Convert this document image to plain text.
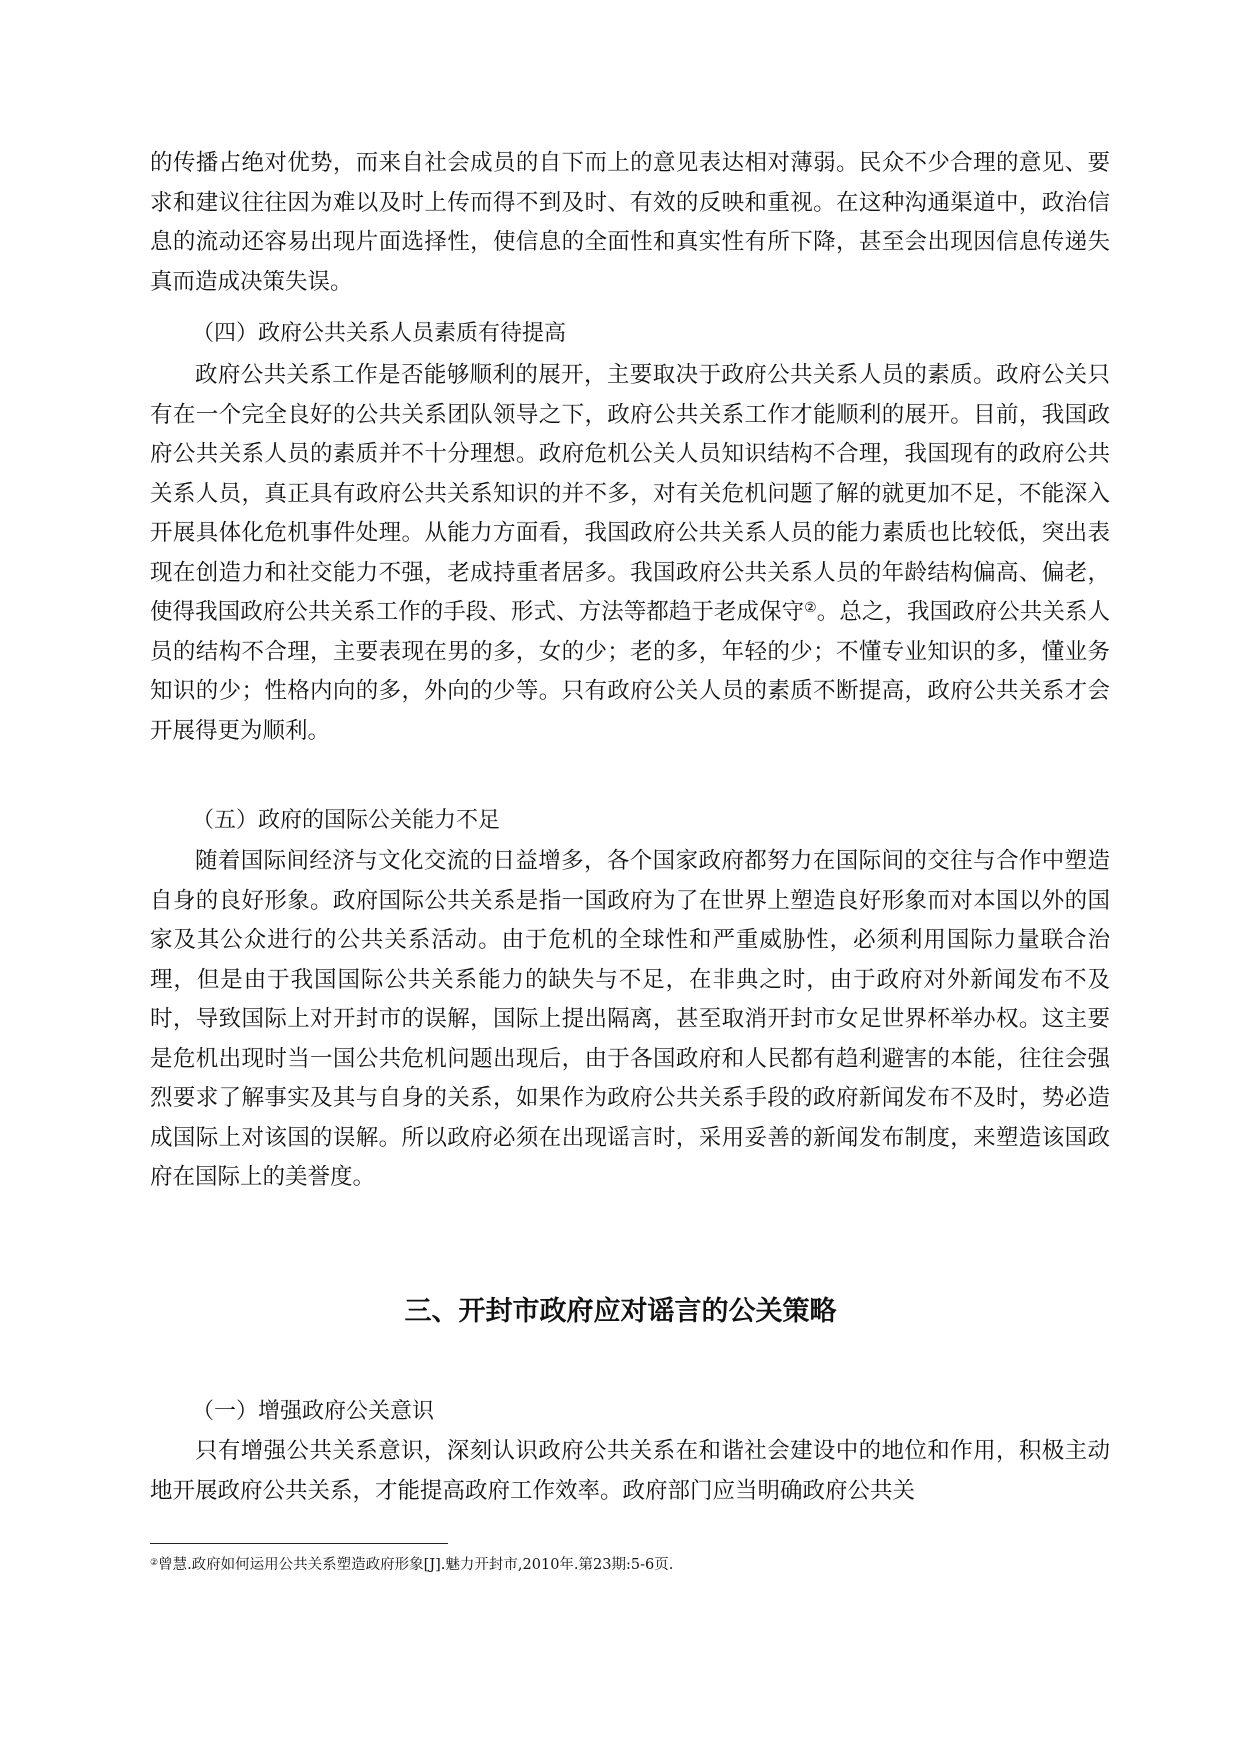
的传播占绝对优势，而来自社会成员的自下而上的意见表达相对薄弱。民众不少合理的意见、要求和建议往往因为难以及时上传而得不到及时、有效的反映和重视。在这种沟通渠道中，政治信息的流动还容易出现片面选择性，使信息的全面性和真实性有所下降，甚至会出现因信息传递失真而造成决策失误。

（四）政府公共关系人员素质有待提高

政府公共关系工作是否能够顺利的展开，主要取决于政府公共关系人员的素质。政府公关只有在一个完全良好的公共关系团队领导之下，政府公共关系工作才能顺利的展开。目前，我国政府公共关系人员的素质并不十分理想。政府危机公关人员知识结构不合理，我国现有的政府公共关系人员，真正具有政府公共关系知识的并不多，对有关危机问题了解的就更加不足，不能深入开展具体化危机事件处理。从能力方面看，我国政府公共关系人员的能力素质也比较低，突出表现在创造力和社交能力不强，老成持重者居多。我国政府公共关系人员的年龄结构偏高、偏老，使得我国政府公共关系工作的手段、形式、方法等都趋于老成保守②。总之，我国政府公共关系人员的结构不合理，主要表现在男的多，女的少；老的多，年轻的少；不懂专业知识的多，懂业务知识的少；性格内向的多，外向的少等。只有政府公关人员的素质不断提高，政府公共关系才会开展得更为顺利。

（五）政府的国际公关能力不足

随着国际间经济与文化交流的日益增多，各个国家政府都努力在国际间的交往与合作中塑造自身的良好形象。政府国际公共关系是指一国政府为了在世界上塑造良好形象而对本国以外的国家及其公众进行的公共关系活动。由于危机的全球性和严重威胁性，必须利用国际力量联合治理，但是由于我国国际公共关系能力的缺失与不足，在非典之时，由于政府对外新闻发布不及时，导致国际上对开封市的误解，国际上提出隔离，甚至取消开封市女足世界杯举办权。这主要是危机出现时当一国公共危机问题出现后，由于各国政府和人民都有趋利避害的本能，往往会强烈要求了解事实及其与自身的关系，如果作为政府公共关系手段的政府新闻发布不及时，势必造成国际上对该国的误解。所以政府必须在出现谣言时，采用妥善的新闻发布制度，来塑造该国政府在国际上的美誉度。

三、开封市政府应对谣言的公关策略

（一）增强政府公关意识

只有增强公共关系意识，深刻认识政府公共关系在和谐社会建设中的地位和作用，积极主动地开展政府公共关系，才能提高政府工作效率。政府部门应当明确政府公共关

②曾慧.政府如何运用公共关系塑造政府形象[J].魅力开封市,2010年.第23期:5-6页.
